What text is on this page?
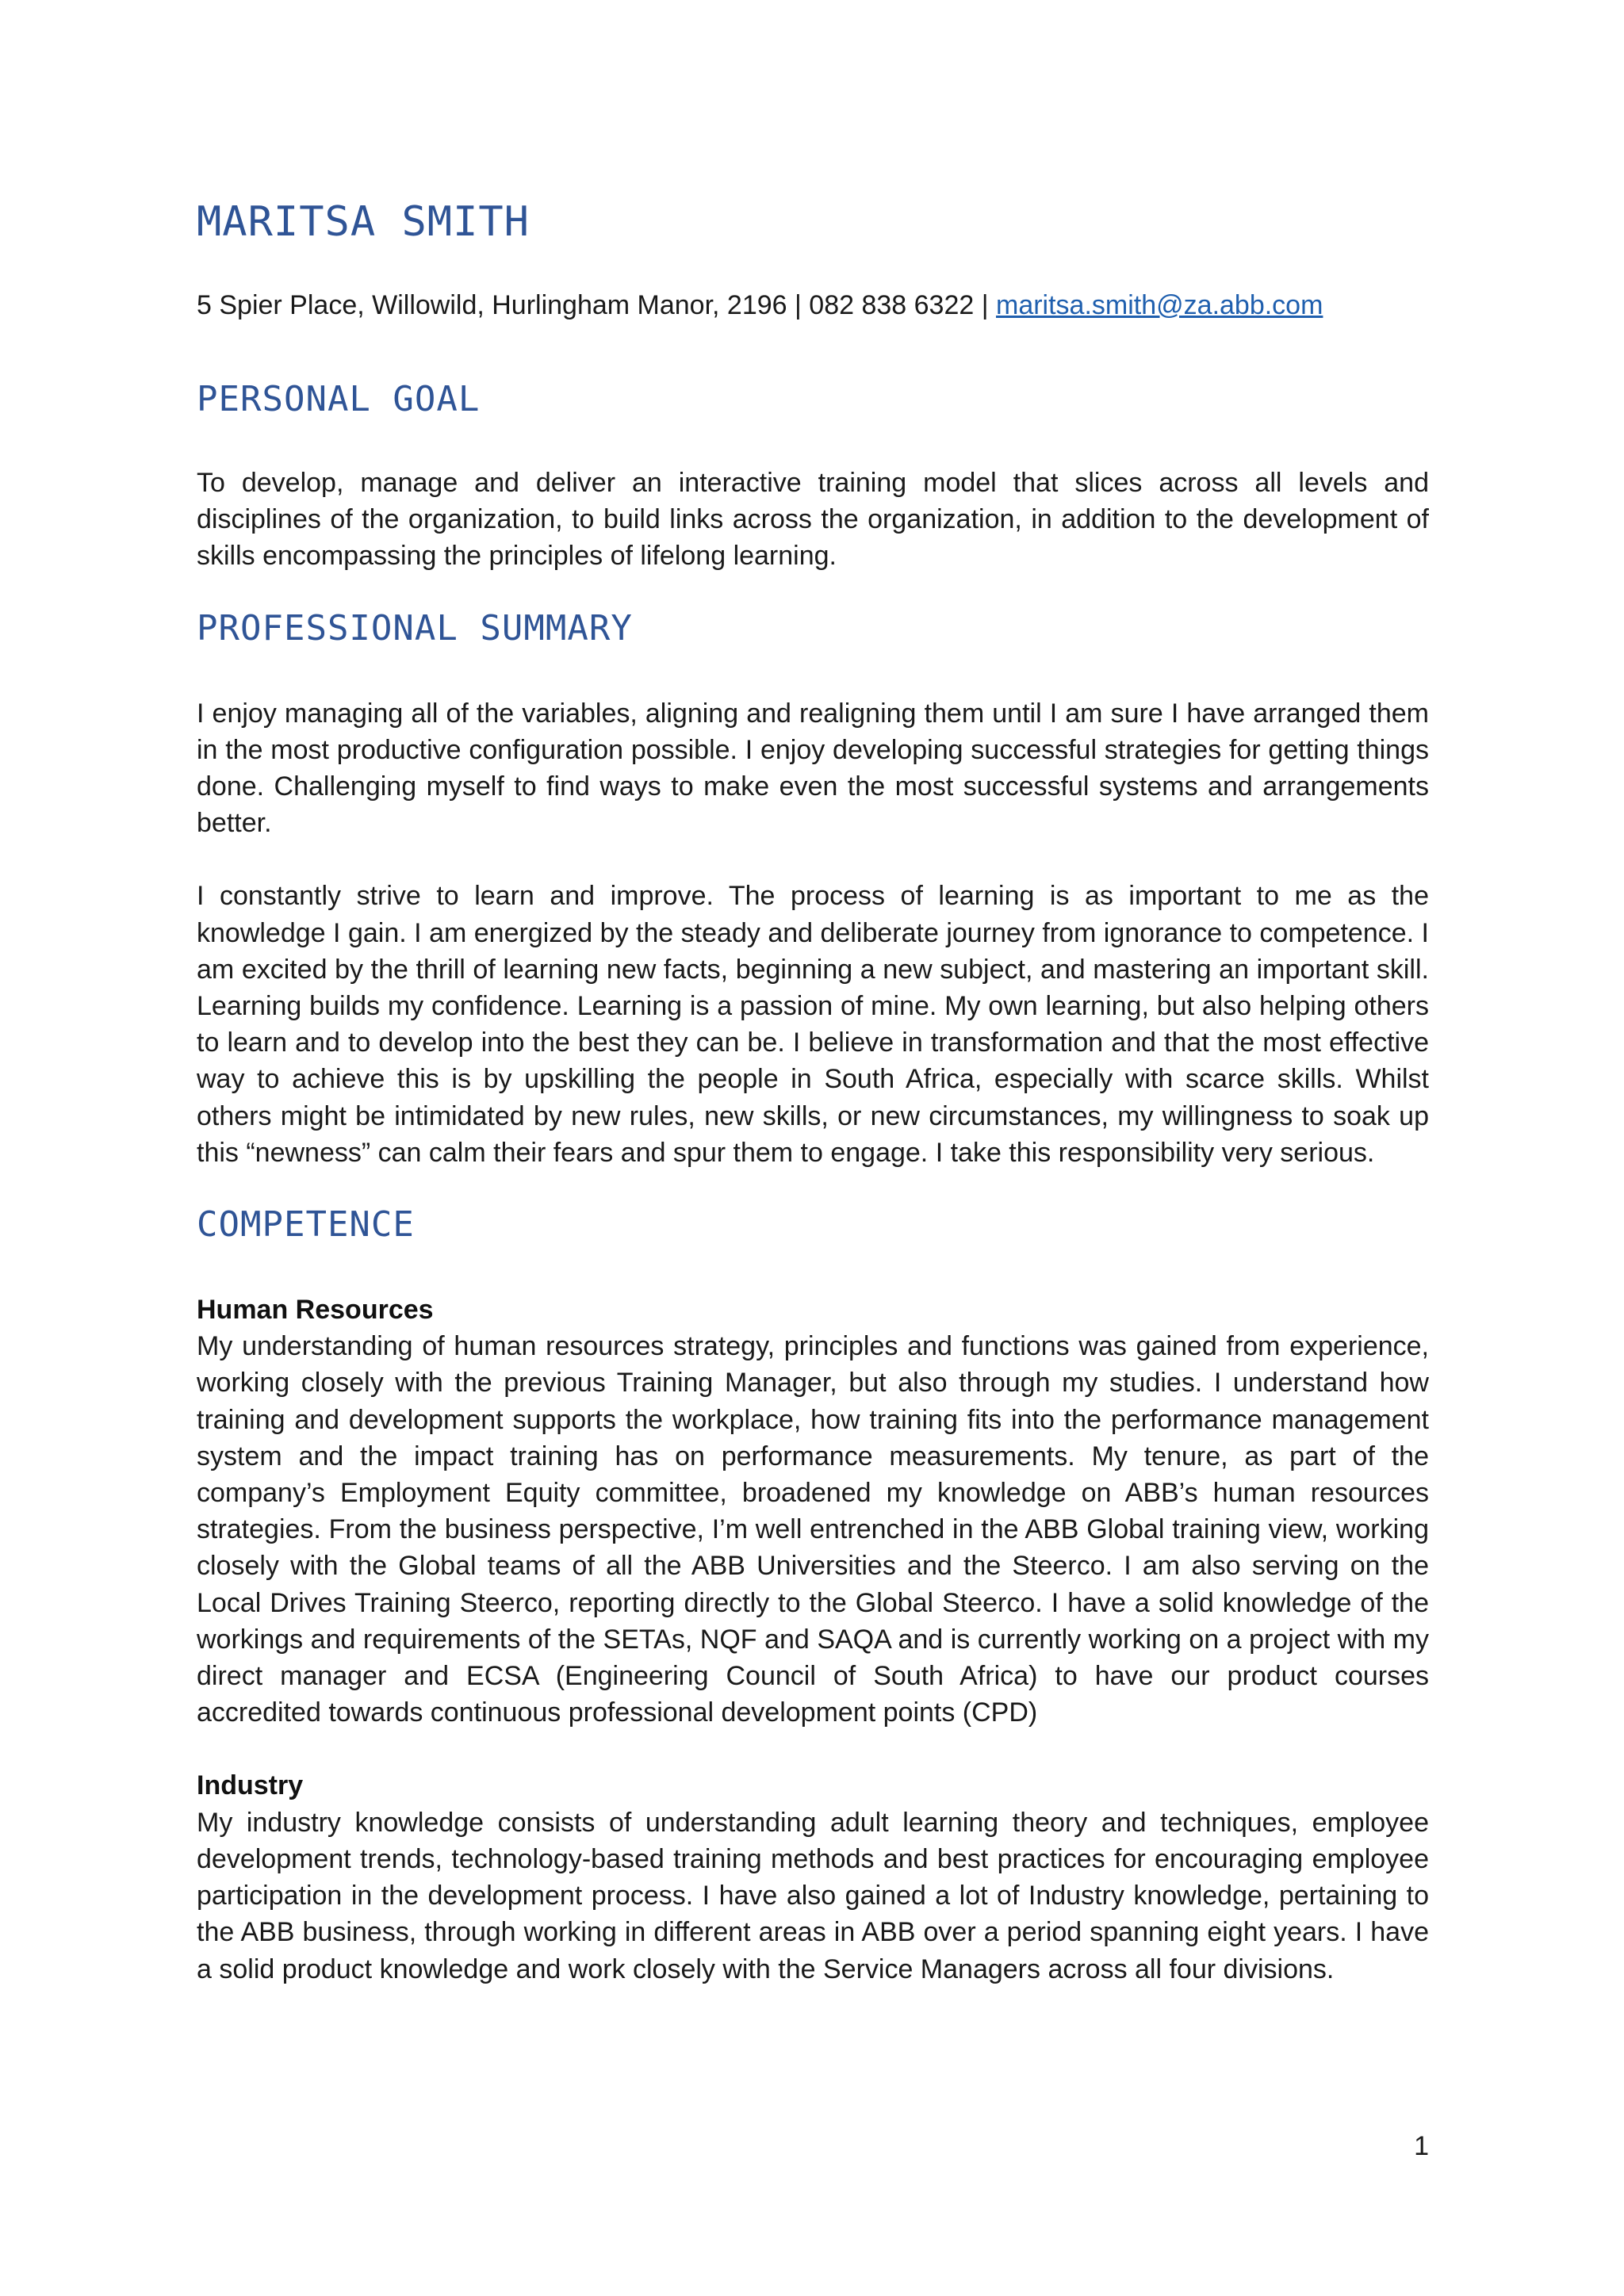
MARITSA SMITH
5 Spier Place, Willowild, Hurlingham Manor, 2196 | 082 838 6322 | maritsa.smith@za.abb.com
PERSONAL GOAL

To develop, manage and deliver an interactive training model that slices across all levels and disciplines of the organization, to build links across the organization, in addition to the development of skills encompassing the principles of lifelong learning.

PROFESSIONAL SUMMARY

I enjoy managing all of the variables, aligning and realigning them until I am sure I have arranged them in the most productive configuration possible. I enjoy developing successful strategies for getting things done. Challenging myself to find ways to make even the most successful systems and arrangements better.

I constantly strive to learn and improve. The process of learning is as important to me as the knowledge I gain. I am energized by the steady and deliberate journey from ignorance to competence. I am excited by the thrill of learning new facts, beginning a new subject, and mastering an important skill. Learning builds my confidence. Learning is a passion of mine. My own learning, but also helping others to learn and to develop into the best they can be. I believe in transformation and that the most effective way to achieve this is by upskilling the people in South Africa, especially with scarce skills. Whilst others might be intimidated by new rules, new skills, or new circumstances, my willingness to soak up this “newness” can calm their fears and spur them to engage. I take this responsibility very serious.

COMPETENCE

Human Resources

My understanding of human resources strategy, principles and functions was gained from experience, working closely with the previous Training Manager, but also through my studies. I understand how training and development supports the workplace, how training fits into the performance management system and the impact training has on performance measurements. My tenure, as part of the company’s Employment Equity committee, broadened my knowledge on ABB’s human resources strategies. From the business perspective, I’m well entrenched in the ABB Global training view, working closely with the Global teams of all the ABB Universities and the Steerco. I am also serving on the Local Drives Training Steerco, reporting directly to the Global Steerco. I have a solid knowledge of the workings and requirements of the SETAs, NQF and SAQA and is currently working on a project with my direct manager and ECSA (Engineering Council of South Africa) to have our product courses accredited towards continuous professional development points (CPD)

Industry

My industry knowledge consists of understanding adult learning theory and techniques, employee development trends, technology-based training methods and best practices for encouraging employee participation in the development process. I have also gained a lot of Industry knowledge, pertaining to the ABB business, through working in different areas in ABB over a period spanning eight years. I have a solid product knowledge and work closely with the Service Managers across all four divisions.

1
